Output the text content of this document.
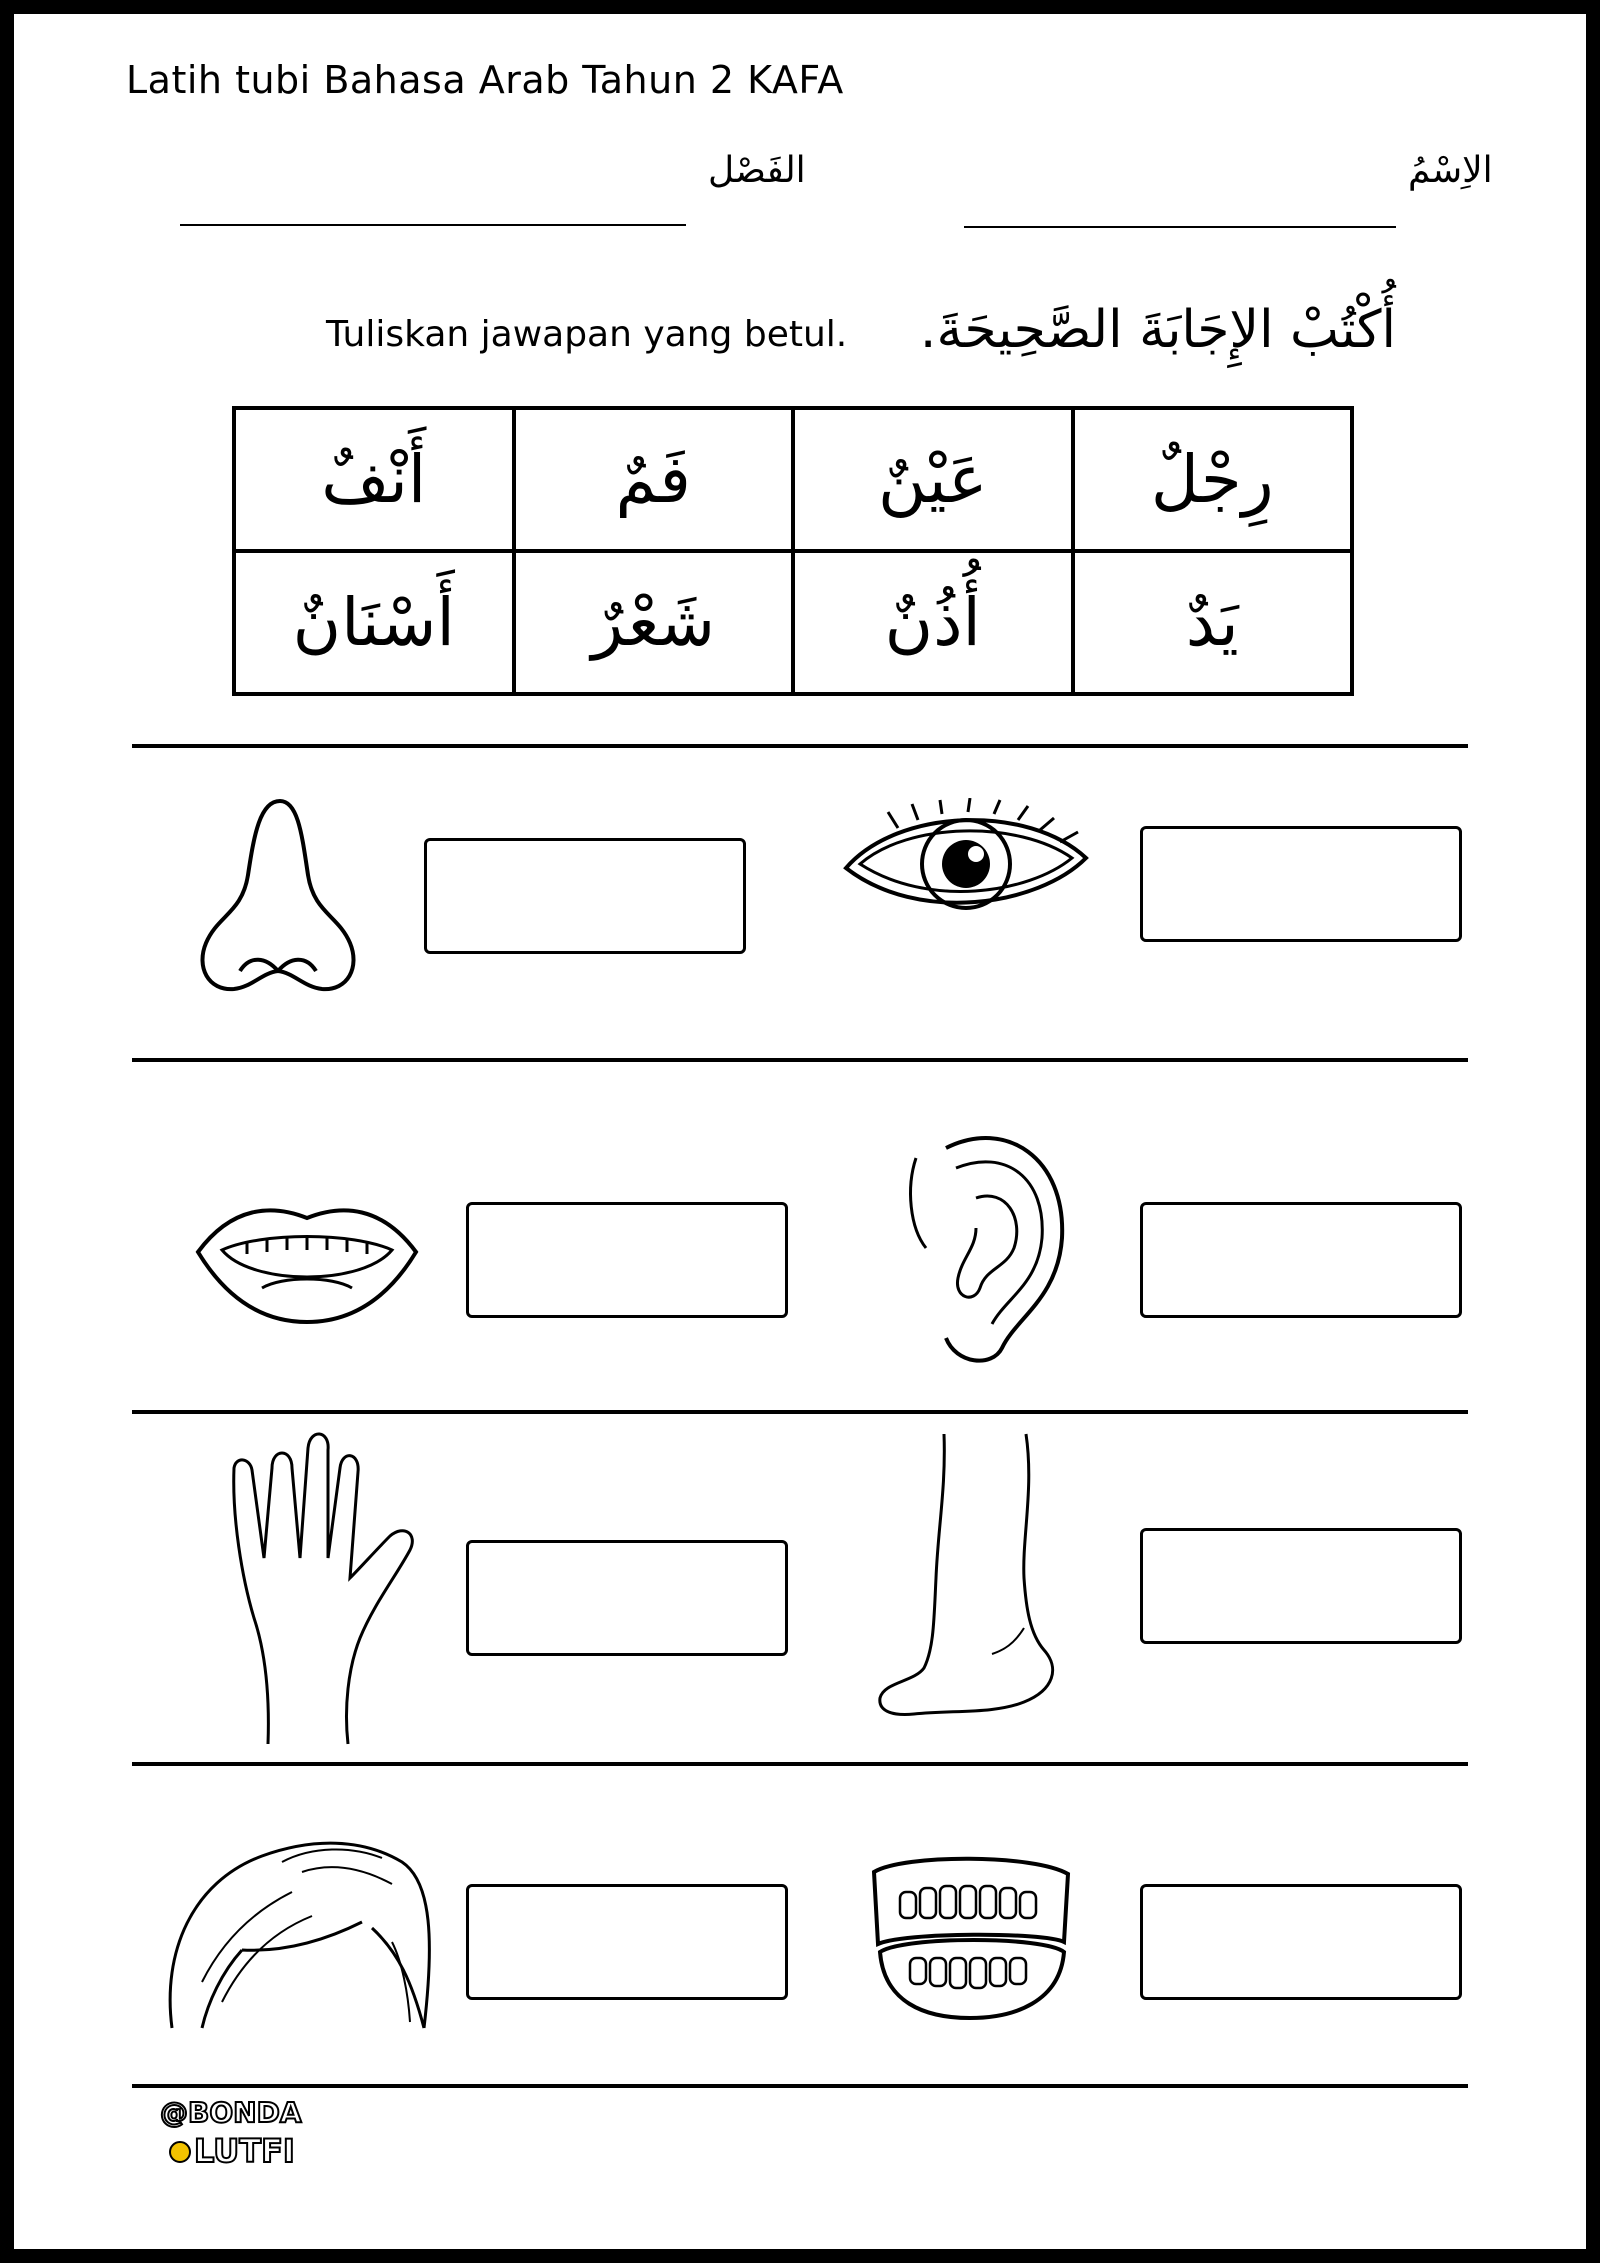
Latih tubi Bahasa Arab Tahun 2 KAFA
الاِسْمُ
الفَصْل
Tuliskan jawapan yang betul. أُكْتُبْ الإِجَابَةَ الصَّحِيحَةَ.
أَنْفٌ	فَمٌ	عَيْنٌ	رِجْلٌ
أَسْنَانٌ	شَعْرٌ	أُذُنٌ	يَدٌ
@BONDA
LUTFI
